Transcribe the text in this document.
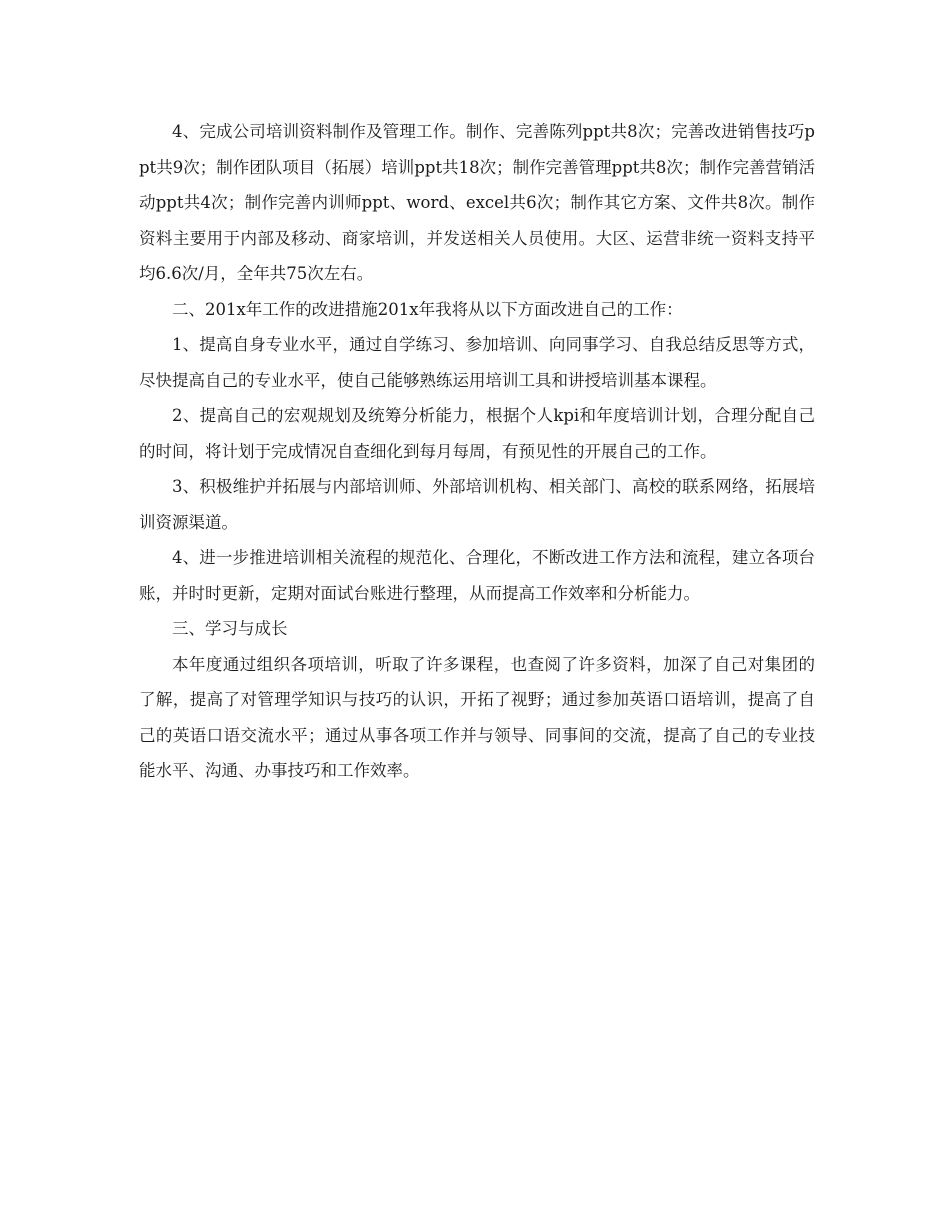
4、完成公司培训资料制作及管理工作。制作、完善陈列ppt共8次；完善改进销售技巧ppt共9次；制作团队项目（拓展）培训ppt共18次；制作完善管理ppt共8次；制作完善营销活动ppt共4次；制作完善内训师ppt、word、excel共6次；制作其它方案、文件共8次。制作资料主要用于内部及移动、商家培训，并发送相关人员使用。大区、运营非统一资料支持平均6.6次/月，全年共75次左右。

二、201x年工作的改进措施201x年我将从以下方面改进自己的工作：

1、提高自身专业水平，通过自学练习、参加培训、向同事学习、自我总结反思等方式，尽快提高自己的专业水平，使自己能够熟练运用培训工具和讲授培训基本课程。

2、提高自己的宏观规划及统筹分析能力，根据个人kpi和年度培训计划，合理分配自己的时间，将计划于完成情况自查细化到每月每周，有预见性的开展自己的工作。

3、积极维护并拓展与内部培训师、外部培训机构、相关部门、高校的联系网络，拓展培训资源渠道。

4、进一步推进培训相关流程的规范化、合理化，不断改进工作方法和流程，建立各项台账，并时时更新，定期对面试台账进行整理，从而提高工作效率和分析能力。

三、学习与成长

本年度通过组织各项培训，听取了许多课程，也查阅了许多资料，加深了自己对集团的了解，提高了对管理学知识与技巧的认识，开拓了视野；通过参加英语口语培训，提高了自己的英语口语交流水平；通过从事各项工作并与领导、同事间的交流，提高了自己的专业技能水平、沟通、办事技巧和工作效率。
